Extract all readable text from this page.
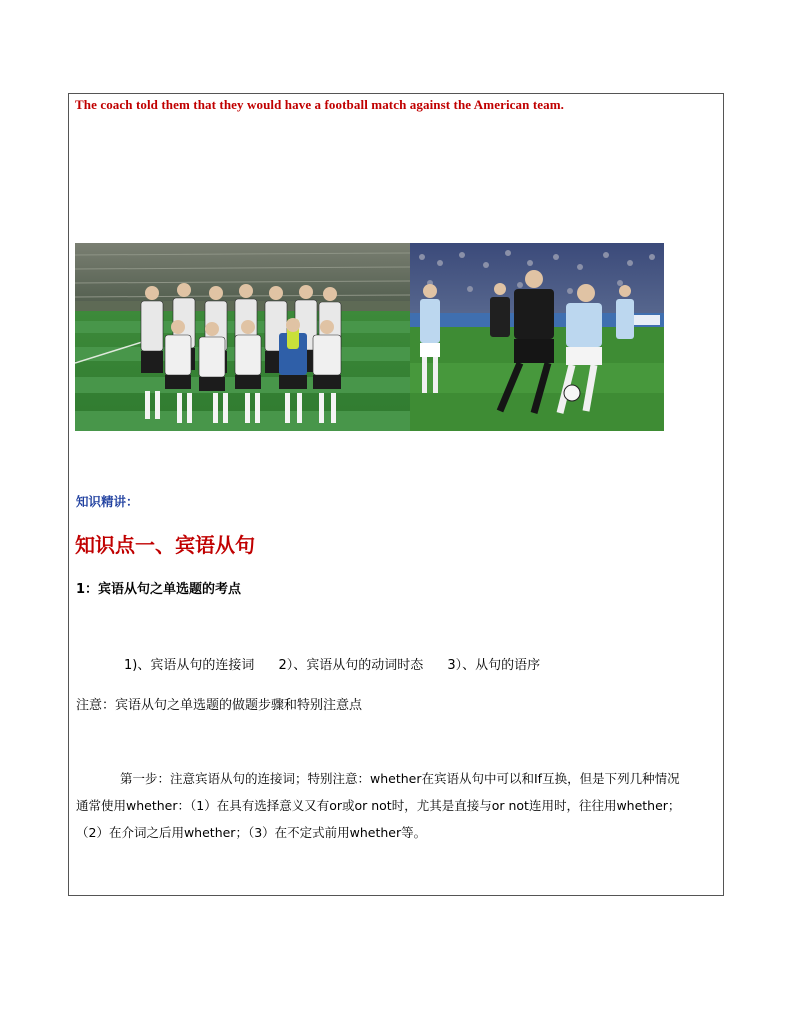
The coach told them that they would have a football match against the American team.

知识精讲：

知识点一、宾语从句
1：宾语从句之单选题的考点

1)、宾语从句的连接词 2）、宾语从句的动词时态 3）、从句的语序

注意：宾语从句之单选题的做题步骤和特别注意点

第一步：注意宾语从句的连接词；特别注意：whether在宾语从句中可以和If互换，但是下列几种情况通常使用whether：（1）在具有选择意义又有or或or not时，尤其是直接与or not连用时，往往用whether；（2）在介词之后用whether；（3）在不定式前用whether等。
